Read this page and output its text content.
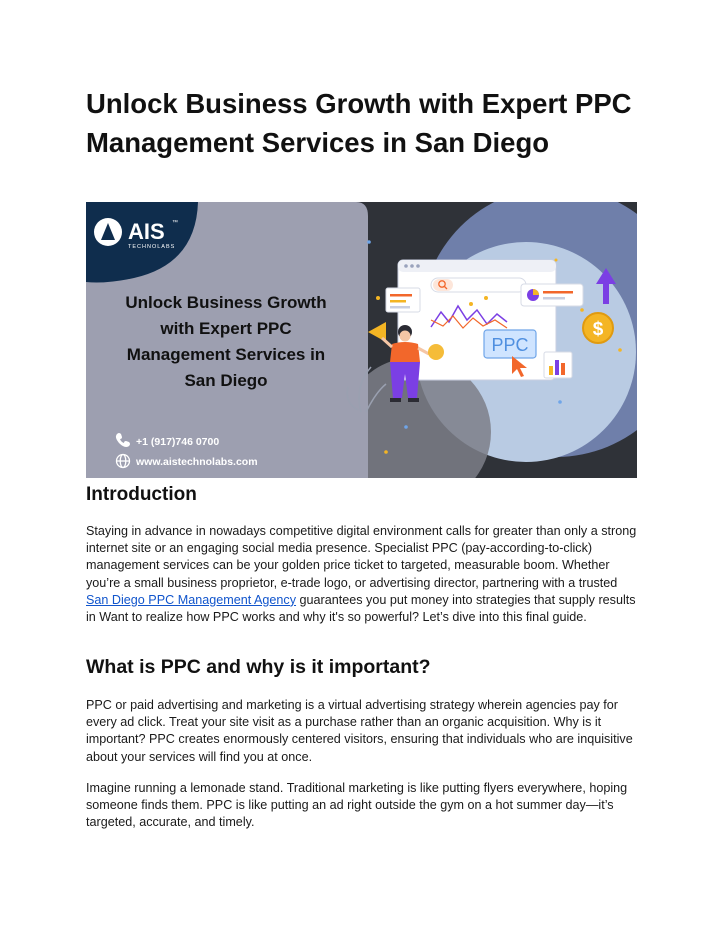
Unlock Business Growth with Expert PPC Management Services in San Diego
AIS ™
TECHNOLABS
Unlock Business Growth
with Expert PPC
Management Services in
San Diego
+1 (917)746 0700
www.aistechnolabs.com
PPC
$
Introduction

Staying in advance in nowadays competitive digital environment calls for greater than only a strong internet site or an engaging social media presence. Specialist PPC (pay-according-to-click) management services can be your golden price ticket to targeted, measurable boom. Whether you’re a small business proprietor, e-trade logo, or advertising director, partnering with a trusted San Diego PPC Management Agency guarantees you put money into strategies that supply results in Want to realize how PPC works and why it's so powerful? Let’s dive into this final guide.

What is PPC and why is it important?

PPC or paid advertising and marketing is a virtual advertising strategy wherein agencies pay for every ad click. Treat your site visit as a purchase rather than an organic acquisition. Why is it important? PPC creates enormously centered visitors, ensuring that individuals who are inquisitive about your services will find you at once.

Imagine running a lemonade stand. Traditional marketing is like putting flyers everywhere, hoping someone finds them. PPC is like putting an ad right outside the gym on a hot summer day—it’s targeted, accurate, and timely.
